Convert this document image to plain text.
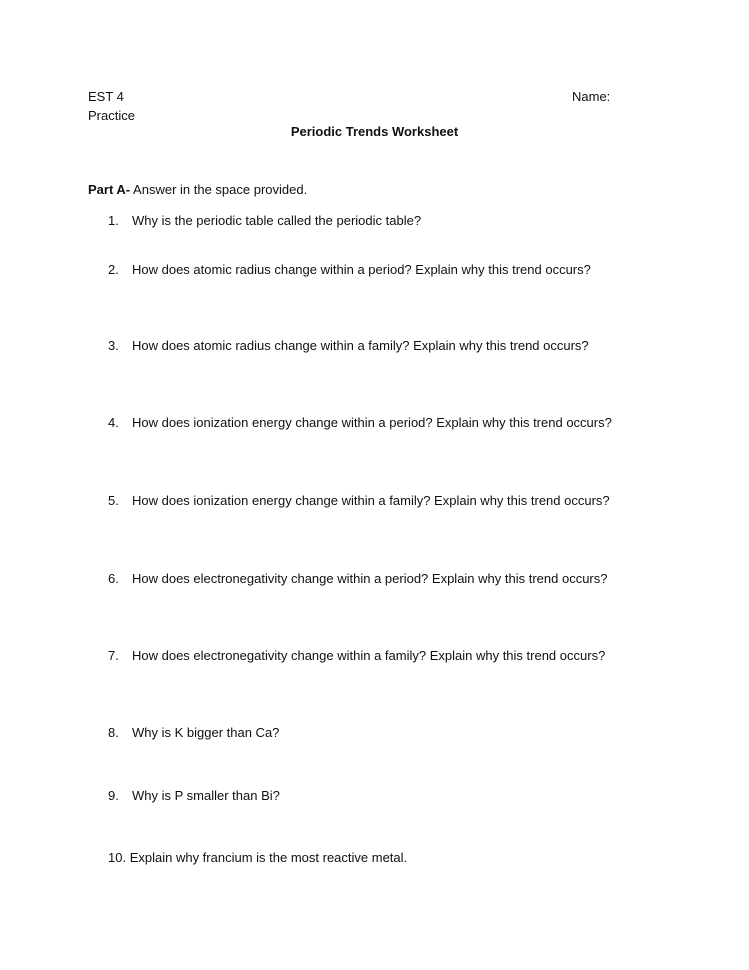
EST 4
Practice
Name:
Periodic Trends Worksheet
Part A- Answer in the space provided.
1. Why is the periodic table called the periodic table?
2. How does atomic radius change within a period? Explain why this trend occurs?
3. How does atomic radius change within a family? Explain why this trend occurs?
4. How does ionization energy change within a period? Explain why this trend occurs?
5. How does ionization energy change within a family? Explain why this trend occurs?
6. How does electronegativity change within a period? Explain why this trend occurs?
7. How does electronegativity change within a family? Explain why this trend occurs?
8. Why is K bigger than Ca?
9. Why is P smaller than Bi?
10. Explain why francium is the most reactive metal.
